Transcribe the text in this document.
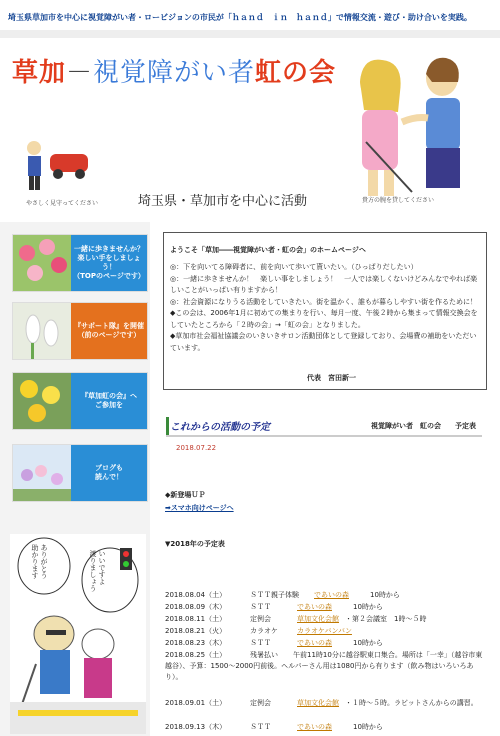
埼玉県草加市を中心に視覚障がい者・ロービジョンの市民が「ｈａｎｄ　ｉｎ　ｈａｎｄ」で情報交流・遊び・助け合いを実践。
草加－視覚障がい者虹の会
埼玉県・草加市を中心に活動
やさしく見守ってください	貴方の腕を貸してください
一緒に歩きませんか？
楽しい手をしましょう！
（TOPのページです）
『サポート隊』を開催
（前のページです）
『草加虹の会』へ
ご参加を
ブログも
読んで！
ありがとう
助かります	いいですよ
渡りましょう
ようこそ「草加――視覚障がい者・虹の会」のホームページへ
◎：下を向いてる障碍者に、前を向いて歩いて貰いたい。（ひっぱりだしたい）
◎：一緒に歩きませんか！　楽しい事をしましょう！　一人では楽しくないけどみんなでやれば楽しいことがいっぱい有りますから！
◎：社会資源になりうる活動をしていきたい。街を温かく、誰もが暮らしやすい街を作るために！
◆この会は、2006年1月に初めての集まりを行い、毎月一度、午後２時から集まって情報交換会をしていたところから「２時の会」→「虹の会」となりました。
◆草加市社会福祉協議会のいきいきサロン活動団体として登録しており、会場費の補助をいただいています。
代表　宮田新一
これからの活動の予定	視覚障がい者　虹の会　　予定表
2018.07.22
◆新登場ＵＰ
➡スマホ向けページへ
▼2018年の予定表
2018.08.04（土）	ＳＴＴ親子体験 であいの森	10時から
2018.08.09（木）	ＳＴＴ	であいの森	10時から
2018.08.11（土）	定例会	草加文化会館 ・第２会議室　1時～５時
2018.08.21（火）	カラオケ	カラオケバンバン
2018.08.23（木）	ＳＴＴ	であいの森	10時から
2018.08.25（土）	残暑払い	午前11時10分に越谷駅東口集合。場所は「一幸」（越谷市東越谷）、予算：1500～2000円前後。ヘルパーさん用は1080円から有ります（飲み物はいろいろあり）。
2018.09.01（土）	定例会	草加文化会館 ・１時～５時。ラビットさんからの講習。
2018.09.13（木）	ＳＴＴ	であいの森	10時から
